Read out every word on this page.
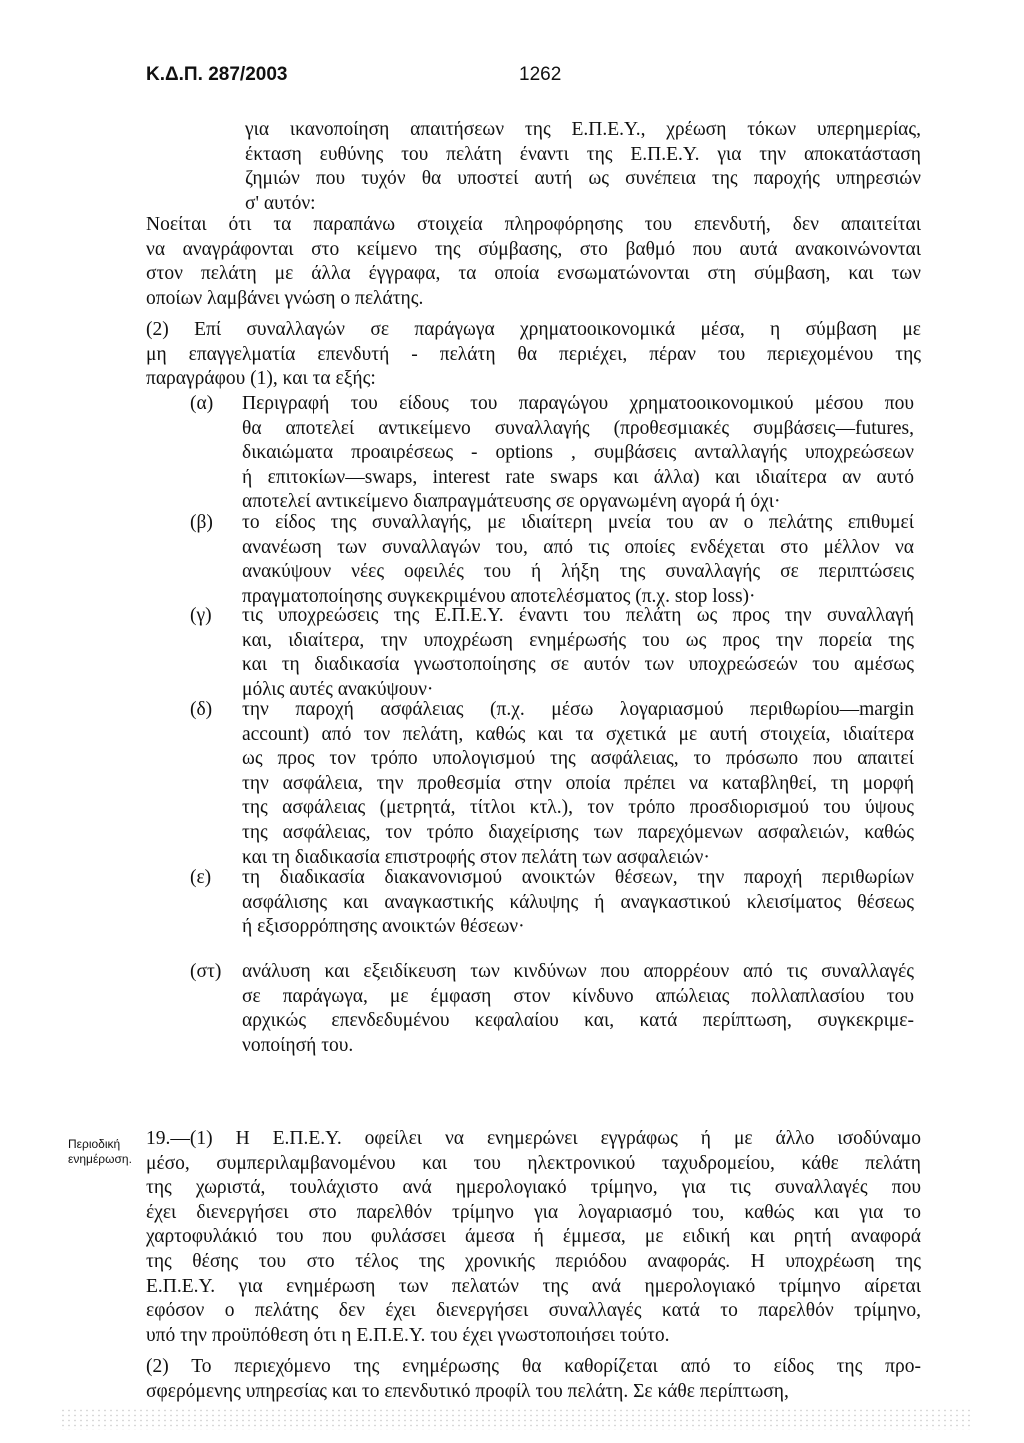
Κ.Δ.Π. 287/2003	1262
για ικανοποίηση απαιτήσεων της Ε.Π.Ε.Υ., χρέωση τόκων υπερημερίας,
έκταση ευθύνης του πελάτη έναντι της Ε.Π.Ε.Υ. για την αποκατάσταση
ζημιών που τυχόν θα υποστεί αυτή ως συνέπεια της παροχής υπηρεσιών
σ' αυτόν:
Νοείται ότι τα παραπάνω στοιχεία πληροφόρησης του επενδυτή, δεν απαιτείται
να αναγράφονται στο κείμενο της σύμβασης, στο βαθμό που αυτά ανακοινώνονται
στον πελάτη με άλλα έγγραφα, τα οποία ενσωματώνονται στη σύμβαση, και των
οποίων λαμβάνει γνώση ο πελάτης.
(2) Επί συναλλαγών σε παράγωγα χρηματοοικονομικά μέσα, η σύμβαση με
μη επαγγελματία επενδυτή - πελάτη θα περιέχει, πέραν του περιεχομένου της
παραγράφου (1), και τα εξής:
(α) Περιγραφή του είδους του παραγώγου χρηματοοικονομικού μέσου που
θα αποτελεί αντικείμενο συναλλαγής (προθεσμιακές συμβάσεις—futures,
δικαιώματα προαιρέσεως - options , συμβάσεις ανταλλαγής υποχρεώσεων
ή επιτοκίων—swaps, interest rate swaps και άλλα) και ιδιαίτερα αν αυτό
αποτελεί αντικείμενο διαπραγμάτευσης σε οργανωμένη αγορά ή όχι·
(β) το είδος της συναλλαγής, με ιδιαίτερη μνεία του αν ο πελάτης επιθυμεί
ανανέωση των συναλλαγών του, από τις οποίες ενδέχεται στο μέλλον να
ανακύψουν νέες οφειλές του ή λήξη της συναλλαγής σε περιπτώσεις
πραγματοποίησης συγκεκριμένου αποτελέσματος (π.χ. stop loss)·
(γ) τις υποχρεώσεις της Ε.Π.Ε.Υ. έναντι του πελάτη ως προς την συναλλαγή
και, ιδιαίτερα, την υποχρέωση ενημέρωσής του ως προς την πορεία της
και τη διαδικασία γνωστοποίησης σε αυτόν των υποχρεώσεών του αμέσως
μόλις αυτές ανακύψουν·
(δ) την παροχή ασφάλειας (π.χ. μέσω λογαριασμού περιθωρίου—margin
account) από τον πελάτη, καθώς και τα σχετικά με αυτή στοιχεία, ιδιαίτερα
ως προς τον τρόπο υπολογισμού της ασφάλειας, το πρόσωπο που απαιτεί
την ασφάλεια, την προθεσμία στην οποία πρέπει να καταβληθεί, τη μορφή
της ασφάλειας (μετρητά, τίτλοι κτλ.), τον τρόπο προσδιορισμού του ύψους
της ασφάλειας, τον τρόπο διαχείρισης των παρεχόμενων ασφαλειών, καθώς
και τη διαδικασία επιστροφής στον πελάτη των ασφαλειών·
(ε) τη διαδικασία διακανονισμού ανοικτών θέσεων, την παροχή περιθωρίων
ασφάλισης και αναγκαστικής κάλυψης ή αναγκαστικού κλεισίματος θέσεως
ή εξισορρόπησης ανοικτών θέσεων·
(στ) ανάλυση και εξειδίκευση των κινδύνων που απορρέουν από τις συναλλαγές
σε παράγωγα, με έμφαση στον κίνδυνο απώλειας πολλαπλασίου του
αρχικώς επενδεδυμένου κεφαλαίου και, κατά περίπτωση, συγκεκριμε-
νοποίησή του.
Περιοδική
ενημέρωση.
19.—(1) Η Ε.Π.Ε.Υ. οφείλει να ενημερώνει εγγράφως ή με άλλο ισοδύναμο
μέσο, συμπεριλαμβανομένου και του ηλεκτρονικού ταχυδρομείου, κάθε πελάτη
της χωριστά, τουλάχιστο ανά ημερολογιακό τρίμηνο, για τις συναλλαγές που
έχει διενεργήσει στο παρελθόν τρίμηνο για λογαριασμό του, καθώς και για το
χαρτοφυλάκιό του που φυλάσσει άμεσα ή έμμεσα, με ειδική και ρητή αναφορά
της θέσης του στο τέλος της χρονικής περιόδου αναφοράς. Η υποχρέωση της
Ε.Π.Ε.Υ. για ενημέρωση των πελατών της ανά ημερολογιακό τρίμηνο αίρεται
εφόσον ο πελάτης δεν έχει διενεργήσει συναλλαγές κατά το παρελθόν τρίμηνο,
υπό την προϋπόθεση ότι η Ε.Π.Ε.Υ. του έχει γνωστοποιήσει τούτο.
(2) Το περιεχόμενο της ενημέρωσης θα καθορίζεται από το είδος της προ-
σφερόμενης υπηρεσίας και το επενδυτικό προφίλ του πελάτη. Σε κάθε περίπτωση,
